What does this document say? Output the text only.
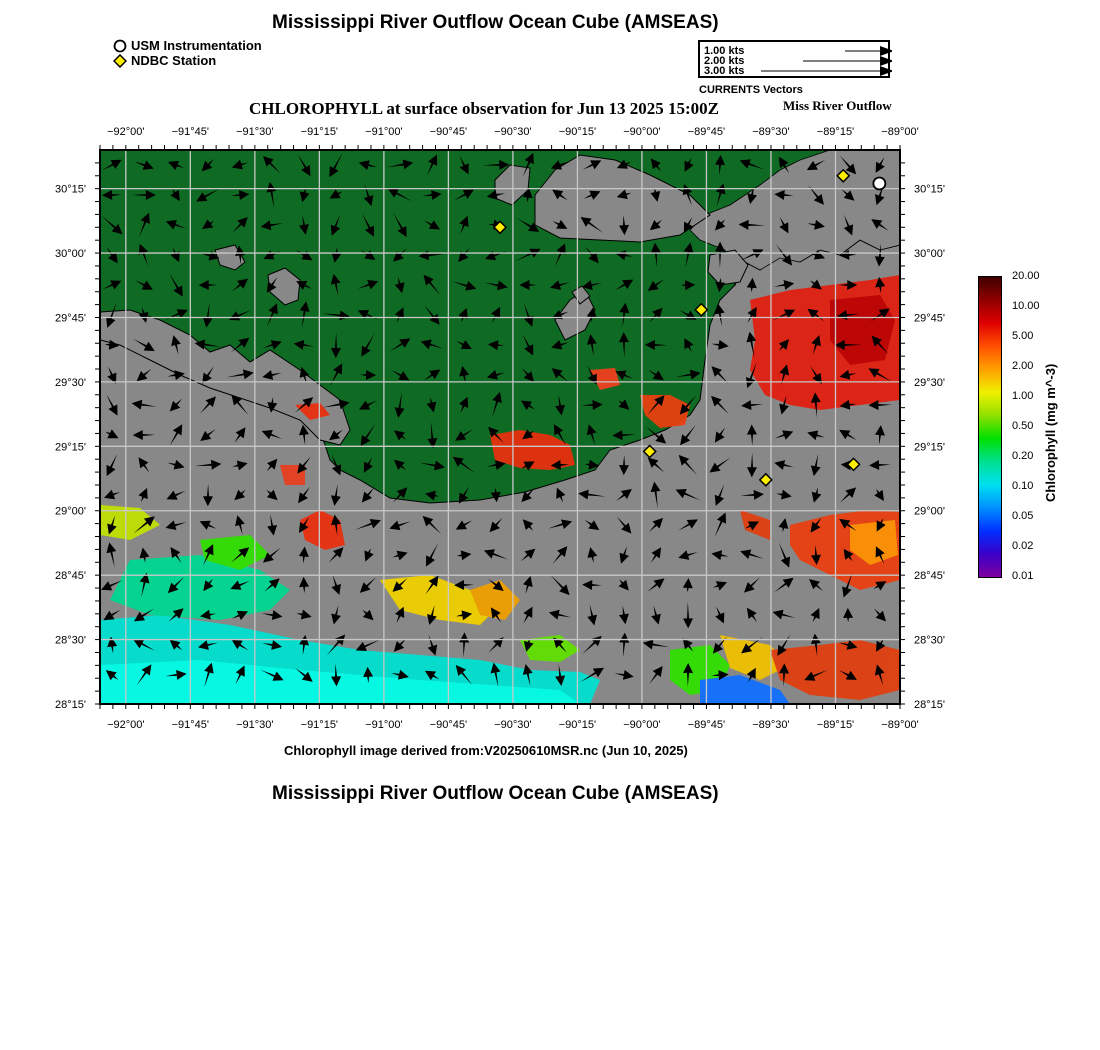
Mississippi River Outflow Ocean Cube (AMSEAS)
USM Instrumentation
NDBC Station
1.00 kts
2.00 kts
3.00 kts
CURRENTS Vectors
CHLOROPHYLL at surface observation for Jun 13 2025 15:00Z	Miss River Outflow
−92°00'
−92°00'
−91°45'
−91°45'
−91°30'
−91°30'
−91°15'
−91°15'
−91°00'
−91°00'
−90°45'
−90°45'
−90°30'
−90°30'
−90°15'
−90°15'
−90°00'
−90°00'
−89°45'
−89°45'
−89°30'
−89°30'
−89°15'
−89°15'
−89°00'
−89°00'
30°15'	30°15'
30°00'	30°00'
29°45'	29°45'
29°30'	29°30'
29°15'	29°15'
29°00'	29°00'
28°45'	28°45'
28°30'	28°30'
28°15'	28°15'
20.00
10.00
5.00
2.00
1.00
0.50
0.20
0.10
0.05
0.02
0.01
Chlorophyll (mg m^-3)
Chlorophyll image derived from:V20250610MSR.nc (Jun 10, 2025)
Mississippi River Outflow Ocean Cube (AMSEAS)
